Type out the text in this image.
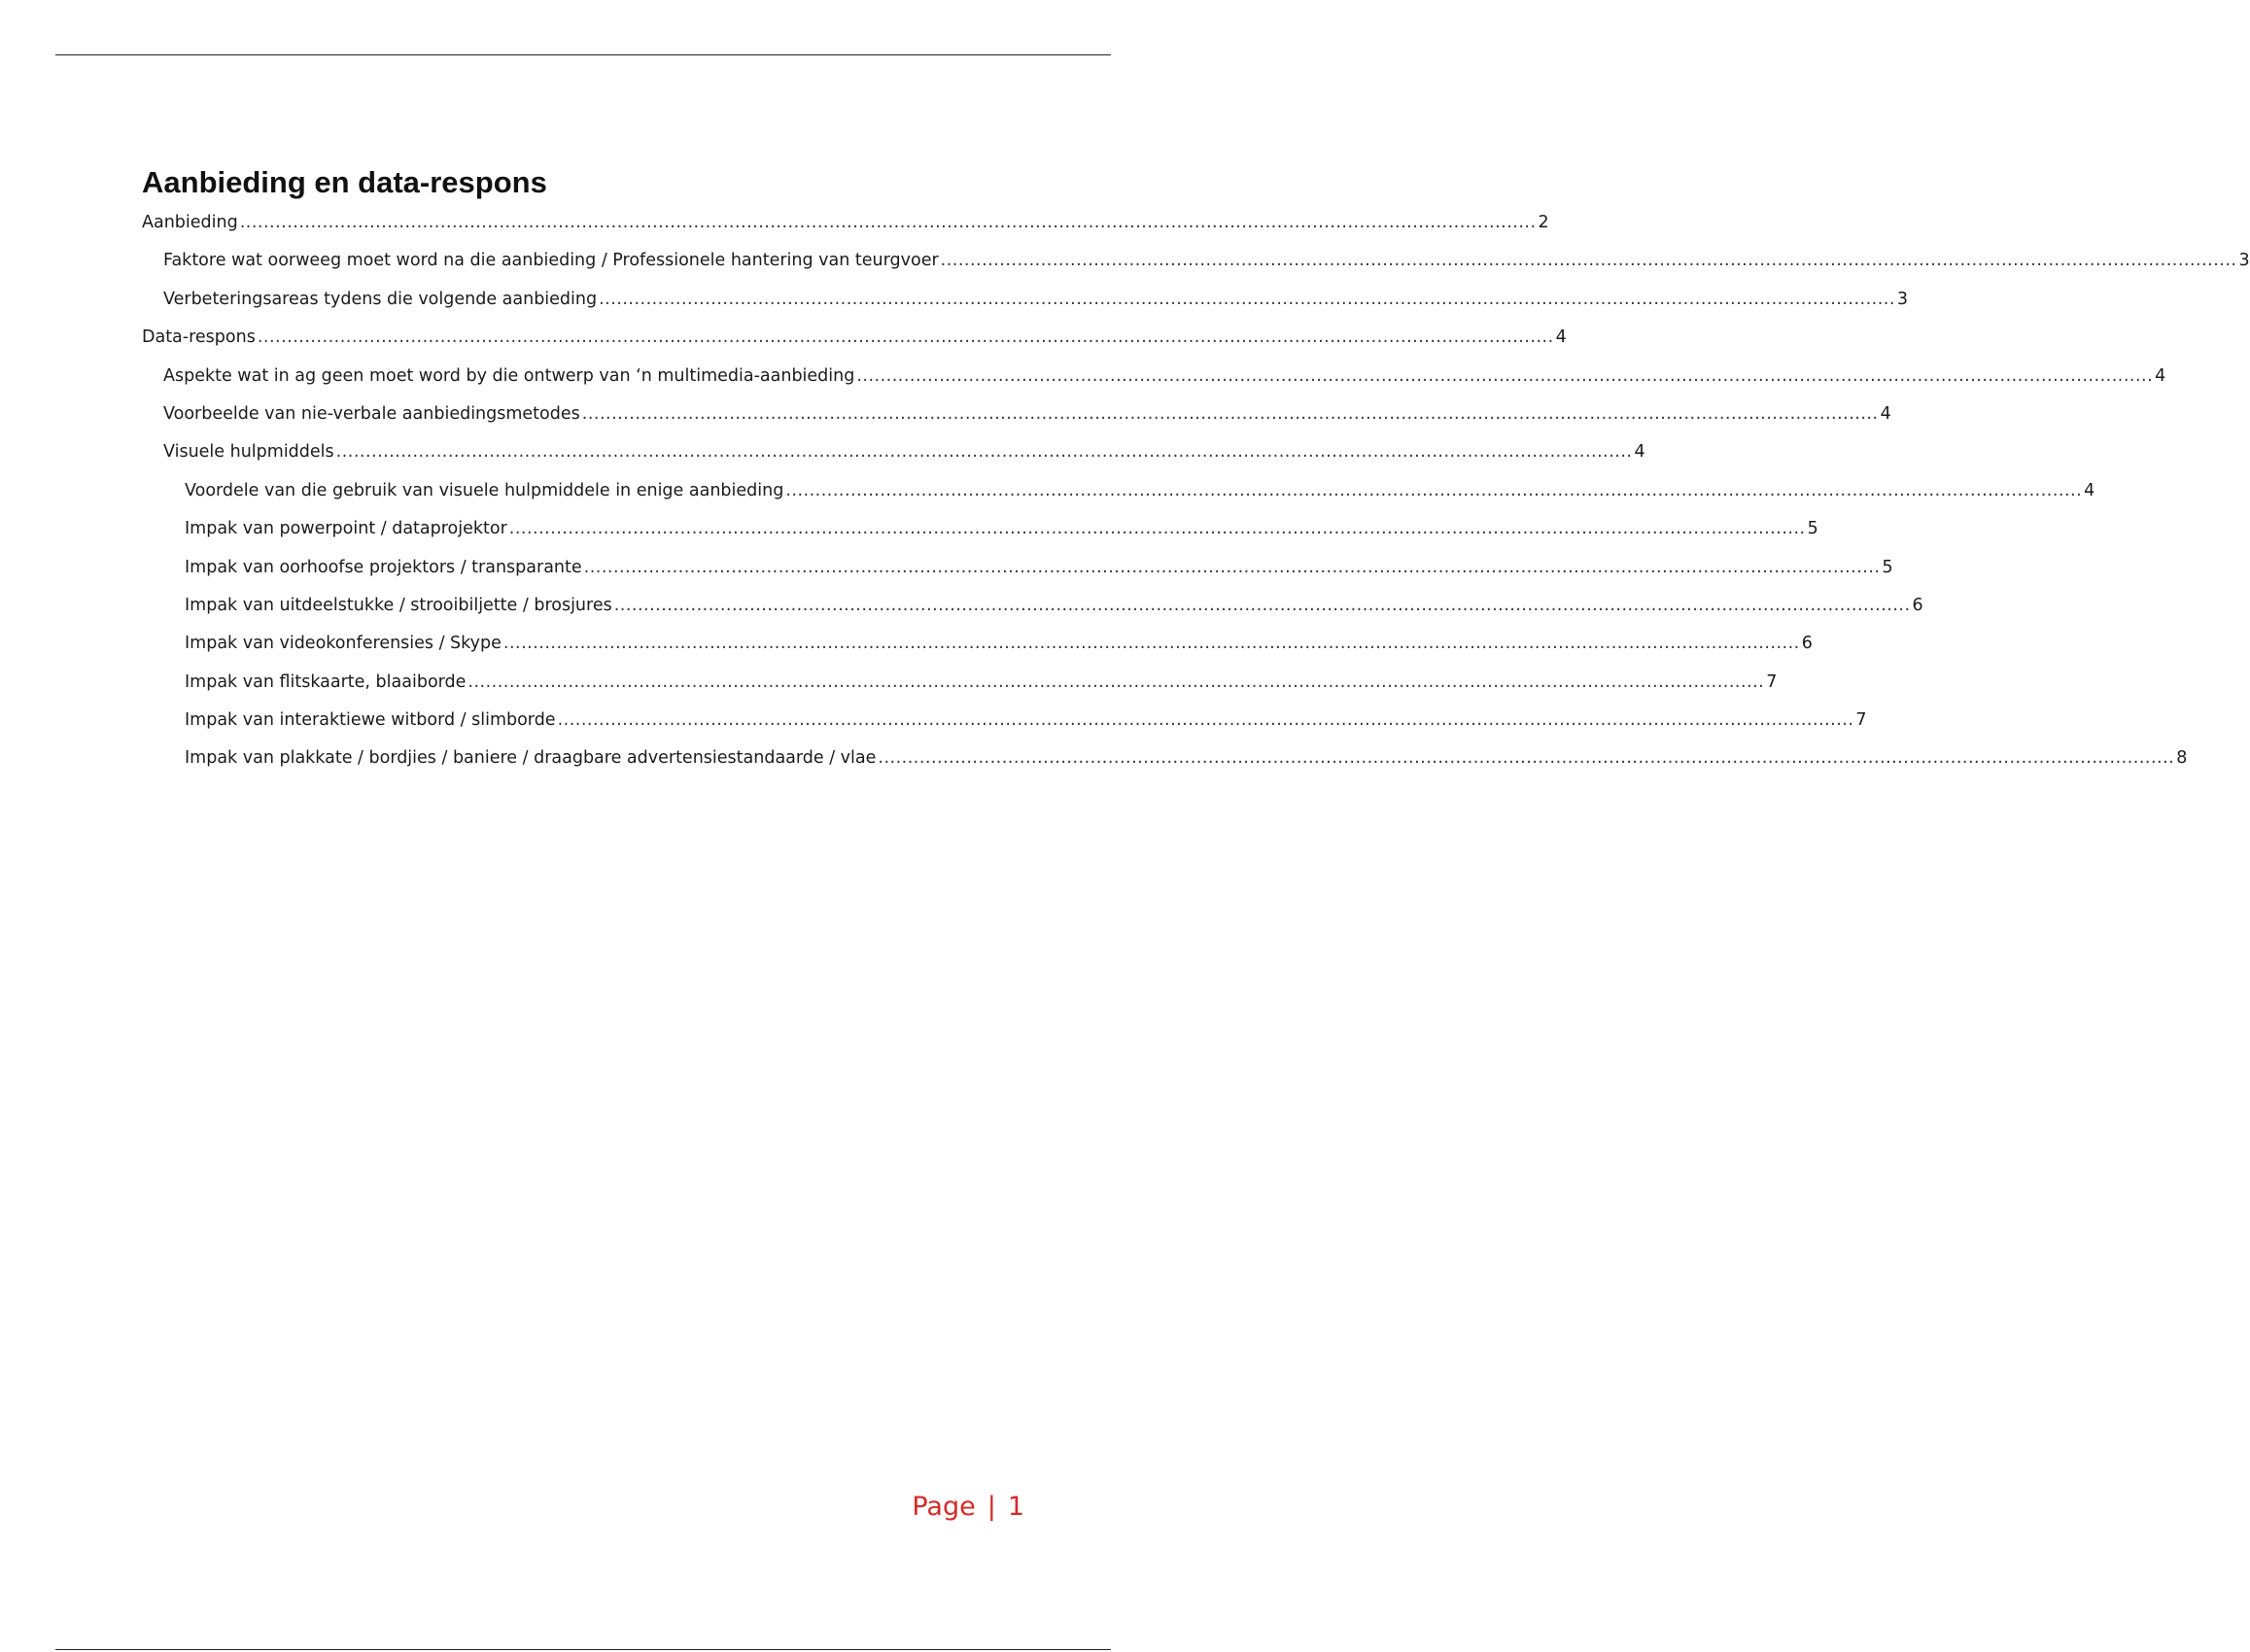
Aanbieding en data-respons
Aanbieding ............................................................................................................................................................................................................................ 2
Faktore wat oorweeg moet word na die aanbieding / Professionele hantering van teurgvoer ............................................................................................................................................................................................................................ 3
Verbeteringsareas tydens die volgende aanbieding ............................................................................................................................................................................................................................ 3
Data-respons ............................................................................................................................................................................................................................ 4
Aspekte wat in ag geen moet word by die ontwerp van ‘n multimedia-aanbieding ............................................................................................................................................................................................................................ 4
Voorbeelde van nie-verbale aanbiedingsmetodes ............................................................................................................................................................................................................................ 4
Visuele hulpmiddels ............................................................................................................................................................................................................................ 4
Voordele van die gebruik van visuele hulpmiddele in enige aanbieding ............................................................................................................................................................................................................................ 4
Impak van powerpoint / dataprojektor ............................................................................................................................................................................................................................ 5
Impak van oorhoofse projektors / transparante ............................................................................................................................................................................................................................ 5
Impak van uitdeelstukke / strooibiljette / brosjures ............................................................................................................................................................................................................................ 6
Impak van videokonferensies / Skype ............................................................................................................................................................................................................................ 6
Impak van flitskaarte, blaaiborde ............................................................................................................................................................................................................................ 7
Impak van interaktiewe witbord / slimborde ............................................................................................................................................................................................................................ 7
Impak van plakkate / bordjies / baniere / draagbare advertensiestandaarde / vlae ............................................................................................................................................................................................................................ 8
Page | 1
